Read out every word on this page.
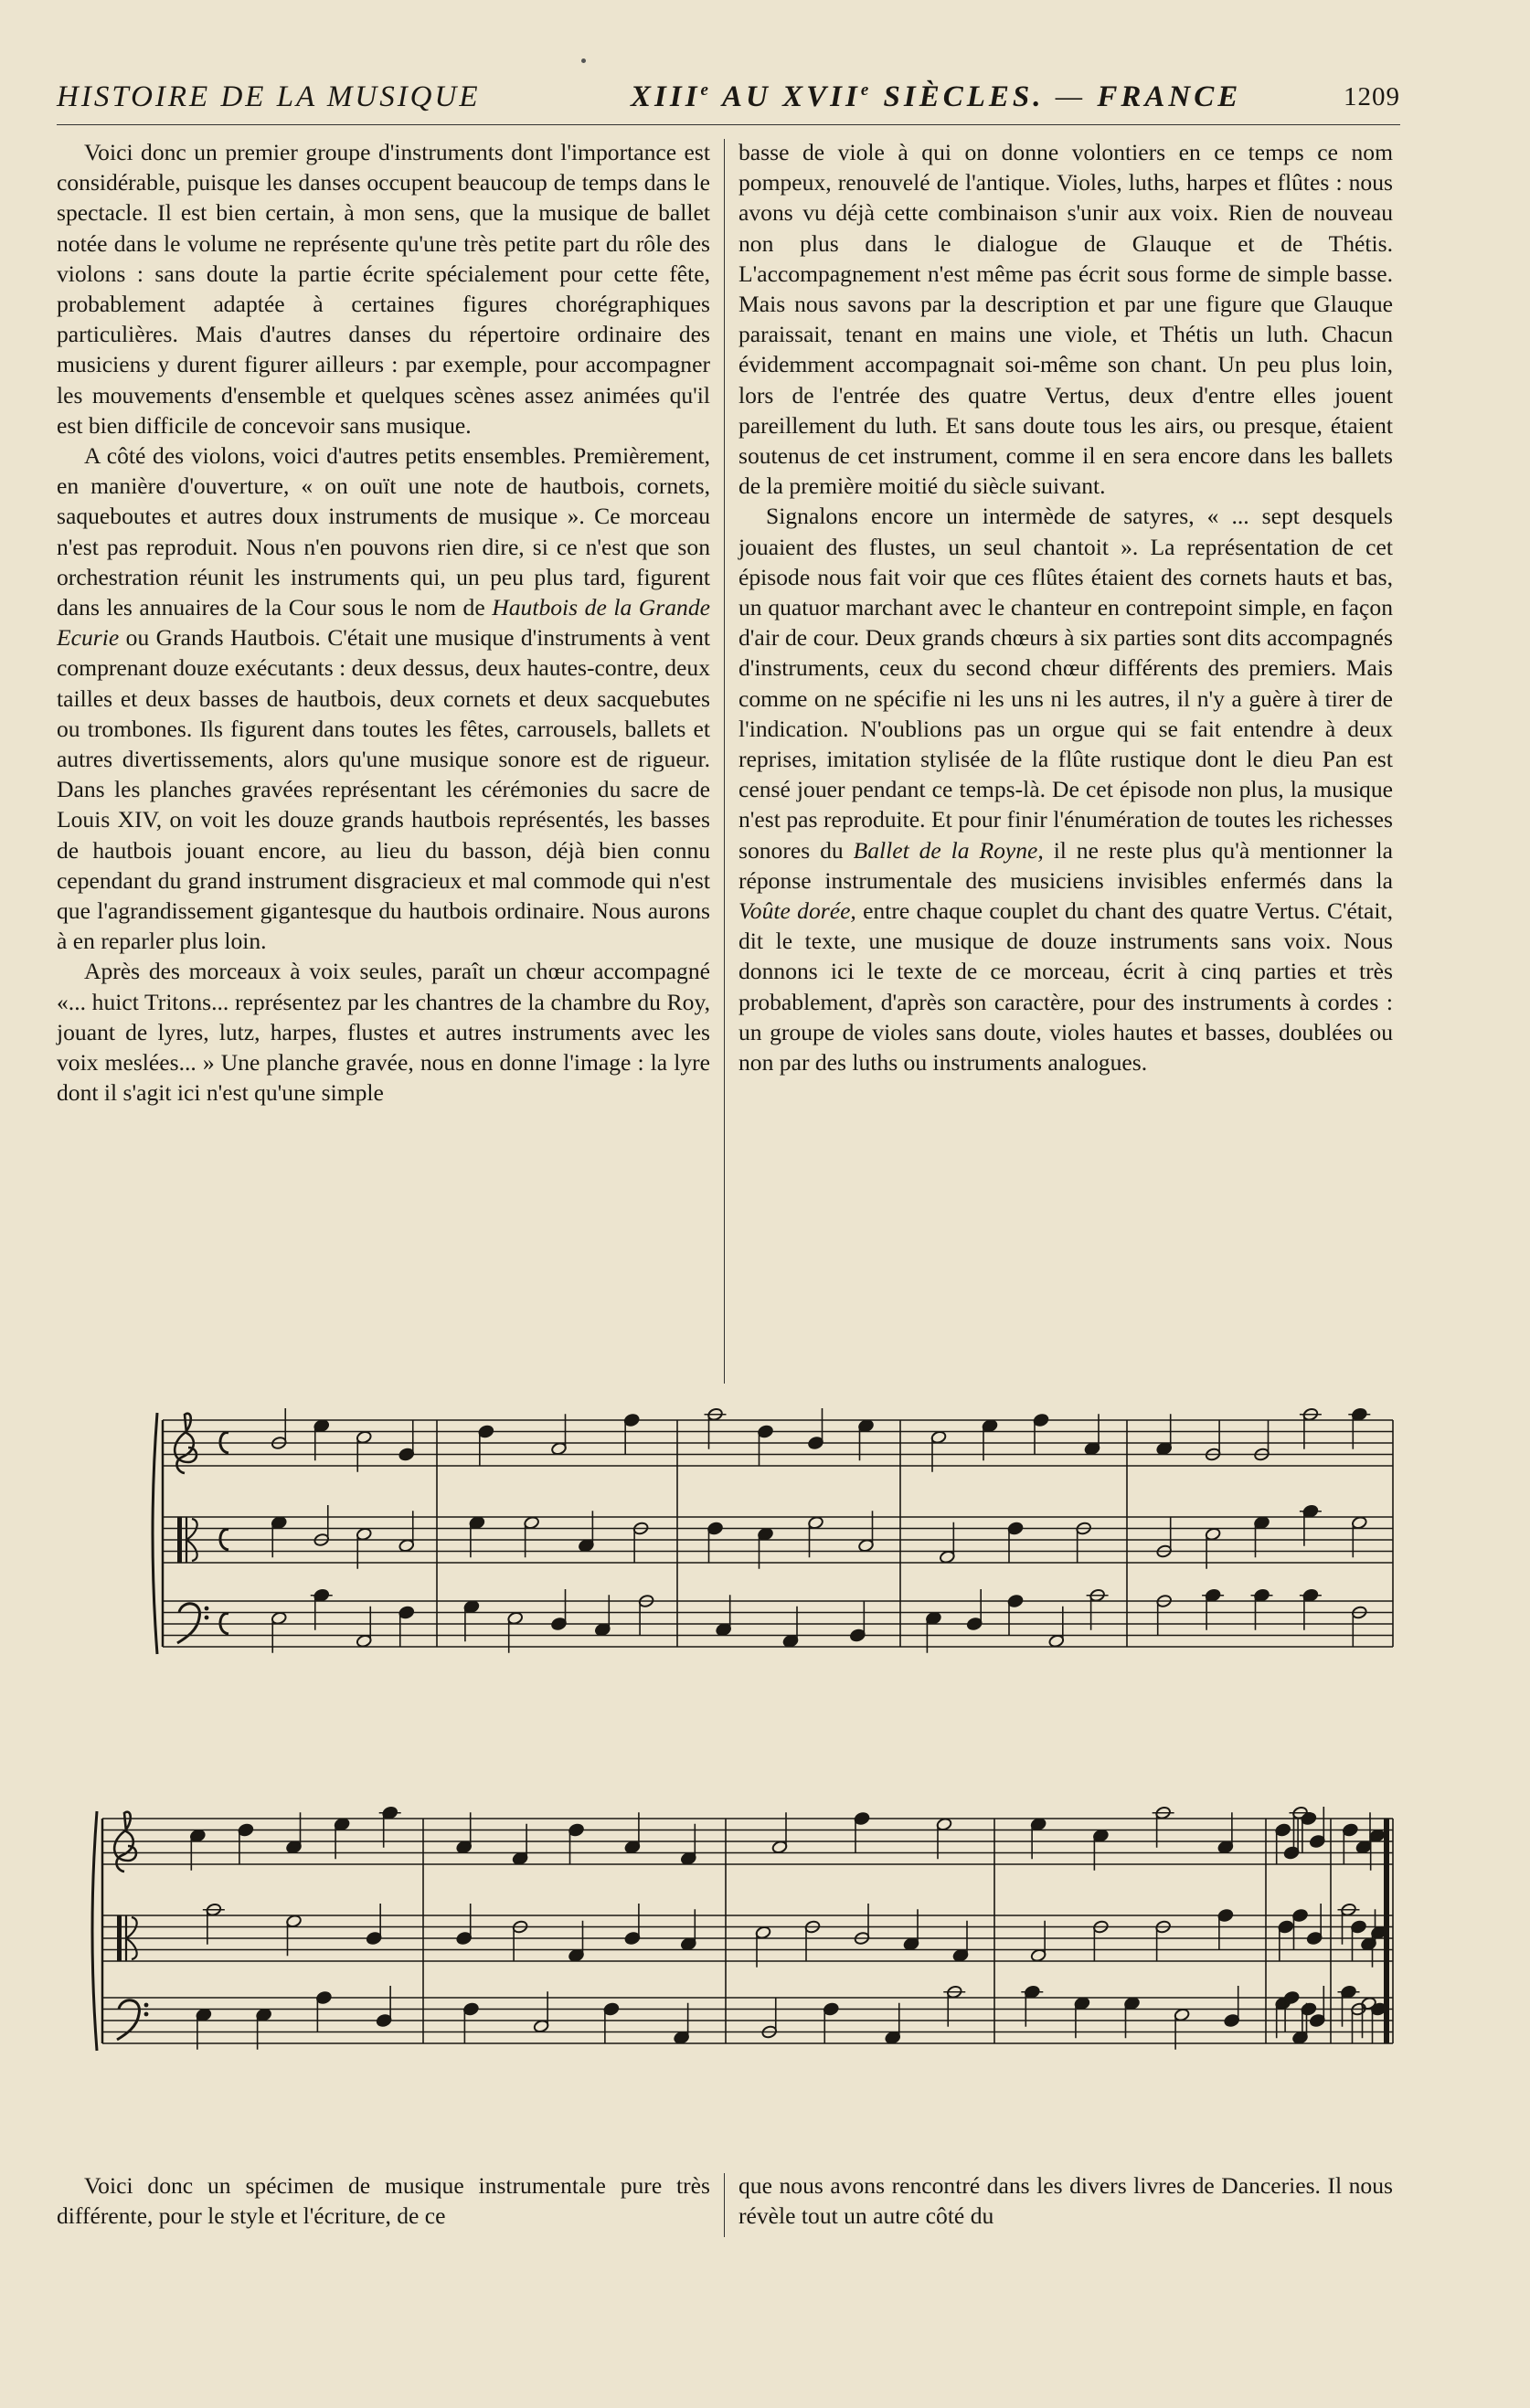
HISTOIRE DE LA MUSIQUE	XIIIe AU XVIIe SIÈCLES. — FRANCE	1209

Voici donc un premier groupe d'instruments dont l'importance est considérable, puisque les danses occupent beaucoup de temps dans le spectacle. Il est bien certain, à mon sens, que la musique de ballet notée dans le volume ne représente qu'une très petite part du rôle des violons : sans doute la partie écrite spécialement pour cette fête, probablement adaptée à certaines figures chorégraphiques particulières. Mais d'autres danses du répertoire ordinaire des musiciens y durent figurer ailleurs : par exemple, pour accompagner les mouvements d'ensemble et quelques scènes assez animées qu'il est bien difficile de concevoir sans musique.

A côté des violons, voici d'autres petits ensembles. Premièrement, en manière d'ouverture, « on ouït une note de hautbois, cornets, saqueboutes et autres doux instruments de musique ». Ce morceau n'est pas reproduit. Nous n'en pouvons rien dire, si ce n'est que son orchestration réunit les instruments qui, un peu plus tard, figurent dans les annuaires de la Cour sous le nom de Hautbois de la Grande Ecurie ou Grands Hautbois. C'était une musique d'instruments à vent comprenant douze exécutants : deux dessus, deux hautes-contre, deux tailles et deux basses de hautbois, deux cornets et deux sacquebutes ou trombones. Ils figurent dans toutes les fêtes, carrousels, ballets et autres divertissements, alors qu'une musique sonore est de rigueur. Dans les planches gravées représentant les cérémonies du sacre de Louis XIV, on voit les douze grands hautbois représentés, les basses de hautbois jouant encore, au lieu du basson, déjà bien connu cependant du grand instrument disgracieux et mal commode qui n'est que l'agrandissement gigantesque du hautbois ordinaire. Nous aurons à en reparler plus loin.

Après des morceaux à voix seules, paraît un chœur accompagné «... huict Tritons... représentez par les chantres de la chambre du Roy, jouant de lyres, lutz, harpes, flustes et autres instruments avec les voix meslées... » Une planche gravée, nous en donne l'image : la lyre dont il s'agit ici n'est qu'une simple

basse de viole à qui on donne volontiers en ce temps ce nom pompeux, renouvelé de l'antique. Violes, luths, harpes et flûtes : nous avons vu déjà cette combinaison s'unir aux voix. Rien de nouveau non plus dans le dialogue de Glauque et de Thétis. L'accompagnement n'est même pas écrit sous forme de simple basse. Mais nous savons par la description et par une figure que Glauque paraissait, tenant en mains une viole, et Thétis un luth. Chacun évidemment accompagnait soi-même son chant. Un peu plus loin, lors de l'entrée des quatre Vertus, deux d'entre elles jouent pareillement du luth. Et sans doute tous les airs, ou presque, étaient soutenus de cet instrument, comme il en sera encore dans les ballets de la première moitié du siècle suivant.

Signalons encore un intermède de satyres, « ... sept desquels jouaient des flustes, un seul chantoit ». La représentation de cet épisode nous fait voir que ces flûtes étaient des cornets hauts et bas, un quatuor marchant avec le chanteur en contrepoint simple, en façon d'air de cour. Deux grands chœurs à six parties sont dits accompagnés d'instruments, ceux du second chœur différents des premiers. Mais comme on ne spécifie ni les uns ni les autres, il n'y a guère à tirer de l'indication. N'oublions pas un orgue qui se fait entendre à deux reprises, imitation stylisée de la flûte rustique dont le dieu Pan est censé jouer pendant ce temps-là. De cet épisode non plus, la musique n'est pas reproduite. Et pour finir l'énumération de toutes les richesses sonores du Ballet de la Royne, il ne reste plus qu'à mentionner la réponse instrumentale des musiciens invisibles enfermés dans la Voûte dorée, entre chaque couplet du chant des quatre Vertus. C'était, dit le texte, une musique de douze instruments sans voix. Nous donnons ici le texte de ce morceau, écrit à cinq parties et très probablement, d'après son caractère, pour des instruments à cordes : un groupe de violes sans doute, violes hautes et basses, doublées ou non par des luths ou instruments analogues.

Voici donc un spécimen de musique instrumentale pure très différente, pour le style et l'écriture, de ce

que nous avons rencontré dans les divers livres de Danceries. Il nous révèle tout un autre côté du
